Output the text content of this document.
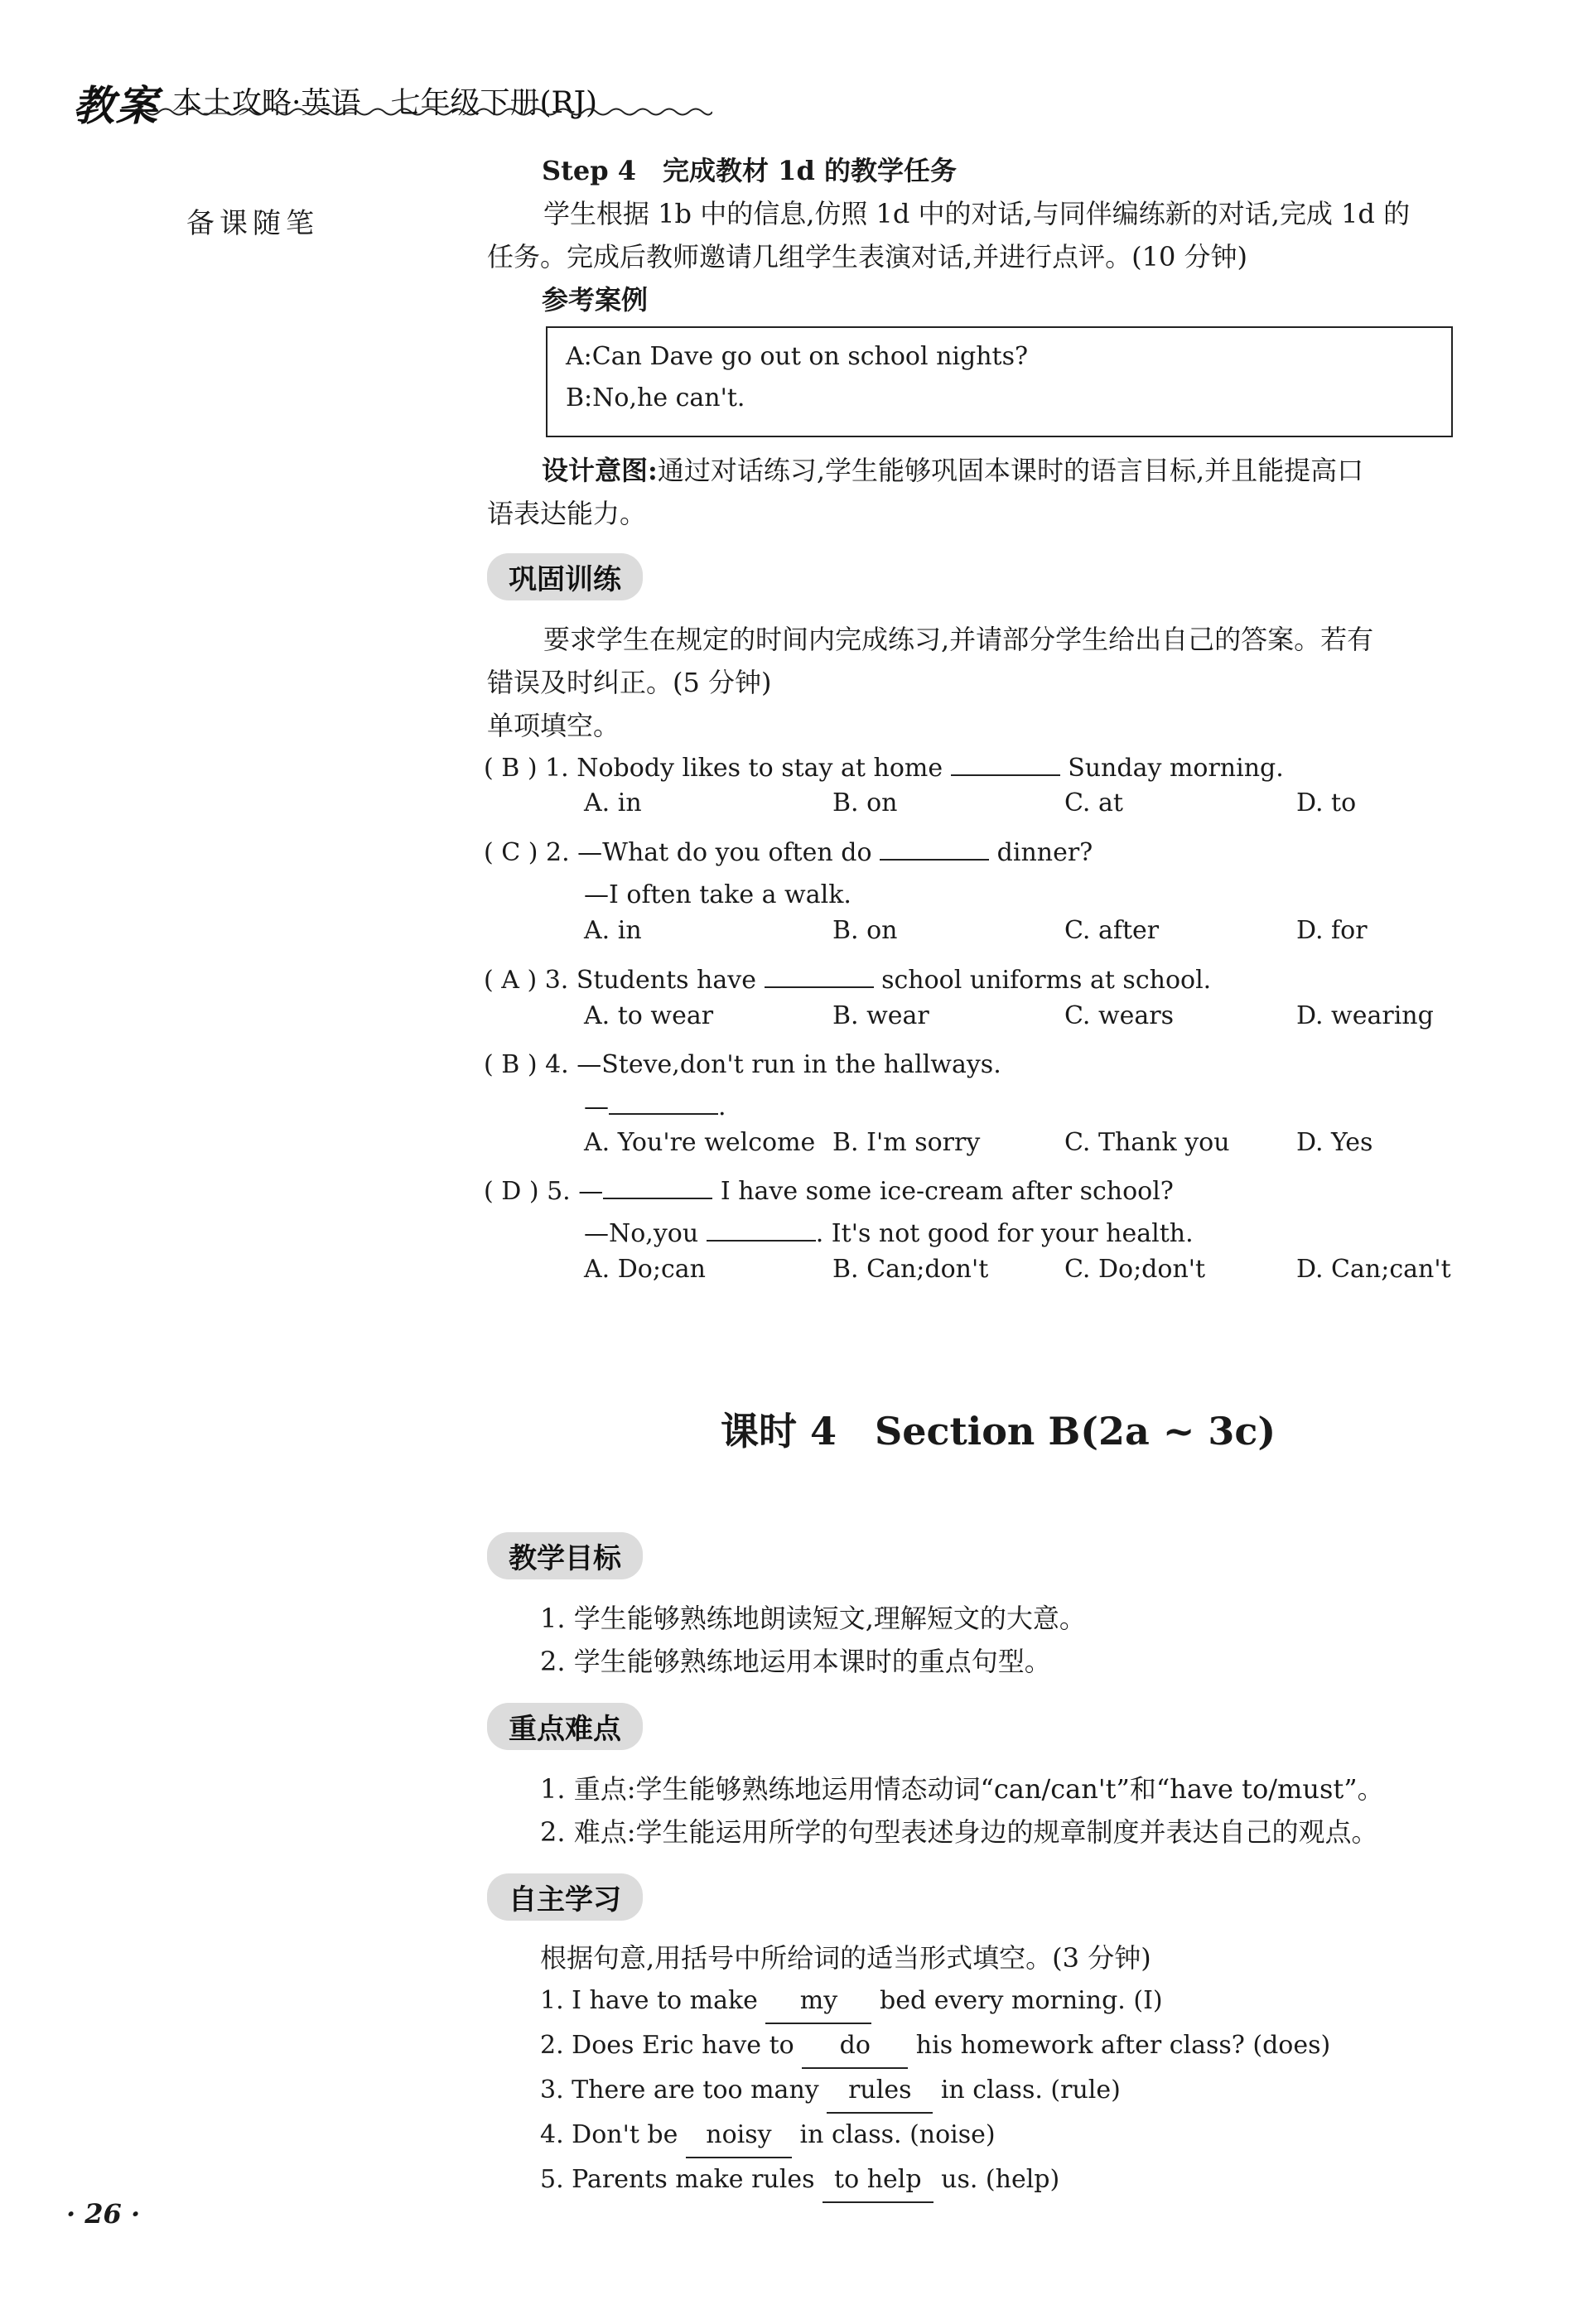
教案 本土攻略·英语　七年级下册(RJ)
备课随笔
Step 4　完成教材 1d 的教学任务
学生根据 1b 中的信息,仿照 1d 中的对话,与同伴编练新的对话,完成 1d 的
任务。完成后教师邀请几组学生表演对话,并进行点评。(10 分钟)
参考案例
A:Can Dave go out on school nights?
B:No,he can't.
设计意图:通过对话练习,学生能够巩固本课时的语言目标,并且能提高口
语表达能力。
巩固训练
要求学生在规定的时间内完成练习,并请部分学生给出自己的答案。若有
错误及时纠正。(5 分钟)
单项填空。
( B ) 1. Nobody likes to stay at home	Sunday morning.
A. in	B. on	C. at	D. to
( C ) 2. —What do you often do	dinner?
—I often take a walk.
A. in	B. on	C. after	D. for
( A ) 3. Students have	school uniforms at school.
A. to wear	B. wear	C. wears	D. wearing
( B ) 4. —Steve,don't run in the hallways.
—	.
A. You're welcome B. I'm sorry	C. Thank you	D. Yes
( D ) 5. —	I have some ice-cream after school?
—No,you	. It's not good for your health.
A. Do;can	B. Can;don't	C. Do;don't	D. Can;can't
课时 4　Section B(2a ~ 3c)
教学目标
1. 学生能够熟练地朗读短文,理解短文的大意。
2. 学生能够熟练地运用本课时的重点句型。
重点难点
1. 重点:学生能够熟练地运用情态动词“can/can't”和“have to/must”。
2. 难点:学生能运用所学的句型表述身边的规章制度并表达自己的观点。
自主学习
根据句意,用括号中所给词的适当形式填空。(3 分钟)
1. I have to make my bed every morning. (I)
2. Does Eric have to do his homework after class? (does)
3. There are too many rules in class. (rule)
4. Don't be noisy in class. (noise)
5. Parents make rules to help us. (help)
· 26 ·
